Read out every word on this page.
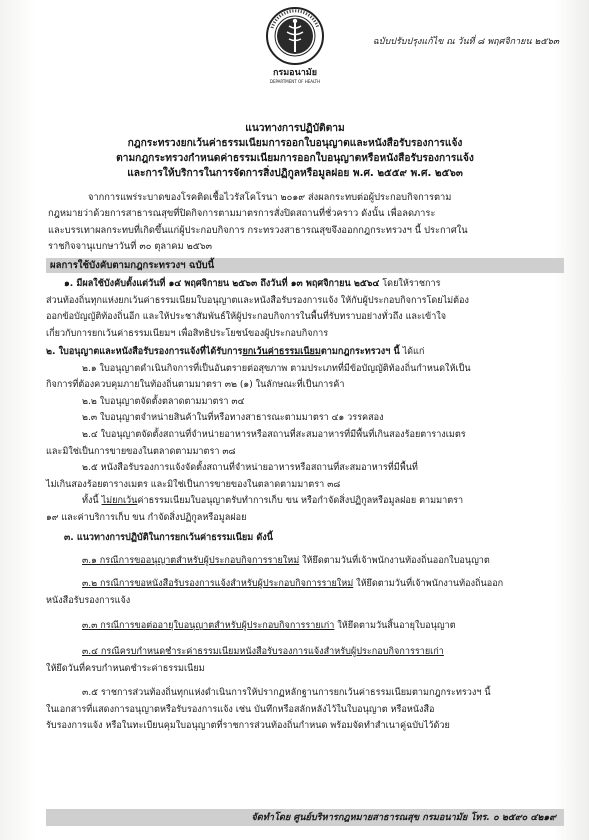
ฉบับปรับปรุงแก้ไข ณ วันที่ ๘ พฤศจิกายน ๒๕๖๓
กรมอนามัย
DEPARTMENT OF HEALTH
แนวทางการปฏิบัติตาม
กฎกระทรวงยกเว้นค่าธรรมเนียมการออกใบอนุญาตและหนังสือรับรองการแจ้ง
ตามกฎกระทรวงกำหนดค่าธรรมเนียมการออกใบอนุญาตหรือหนังสือรับรองการแจ้ง
และการให้บริการในการจัดการสิ่งปฏิกูลหรือมูลฝอย พ.ศ. ๒๕๕๙ พ.ศ. ๒๕๖๓

จากการแพร่ระบาดของโรคติดเชื้อไวรัสโคโรนา ๒๐๑๙ ส่งผลกระทบต่อผู้ประกอบกิจการตาม

กฎหมายว่าด้วยการสาธารณสุขที่ปิดกิจการตามมาตรการสั่งปิดสถานที่ชั่วคราว ดังนั้น เพื่อลดภาระ

และบรรเทาผลกระทบที่เกิดขึ้นแก่ผู้ประกอบกิจการ กระทรวงสาธารณสุขจึงออกกฎกระทรวงฯ นี้ ประกาศใน

ราชกิจจานุเบกษาวันที่ ๓๐ ตุลาคม ๒๕๖๓

ผลการใช้บังคับตามกฎกระทรวงฯ ฉบับนี้

๑. มีผลใช้บังคับตั้งแต่วันที่ ๑๔ พฤศจิกายน ๒๕๖๓ ถึงวันที่ ๑๓ พฤศจิกายน ๒๕๖๔ โดยให้ราชการ

ส่วนท้องถิ่นทุกแห่งยกเว้นค่าธรรมเนียมใบอนุญาตและหนังสือรับรองการแจ้ง ให้กับผู้ประกอบกิจการโดยไม่ต้อง

ออกข้อบัญญัติท้องถิ่นอีก และให้ประชาสัมพันธ์ให้ผู้ประกอบกิจการในพื้นที่รับทราบอย่างทั่วถึง และเข้าใจ

เกี่ยวกับการยกเว้นค่าธรรมเนียมฯ เพื่อสิทธิประโยชน์ของผู้ประกอบกิจการ

๒. ใบอนุญาตและหนังสือรับรองการแจ้งที่ได้รับการยกเว้นค่าธรรมเนียมตามกฎกระทรวงฯ นี้ ได้แก่

๒.๑ ใบอนุญาตดำเนินกิจการที่เป็นอันตรายต่อสุขภาพ ตามประเภทที่มีข้อบัญญัติท้องถิ่นกำหนดให้เป็น

กิจการที่ต้องควบคุมภายในท้องถิ่นตามมาตรา ๓๒ (๑) ในลักษณะที่เป็นการค้า

๒.๒ ใบอนุญาตจัดตั้งตลาดตามมาตรา ๓๔

๒.๓ ใบอนุญาตจำหน่ายสินค้าในที่หรือทางสาธารณะตามมาตรา ๔๑ วรรคสอง

๒.๔ ใบอนุญาตจัดตั้งสถานที่จำหน่ายอาหารหรือสถานที่สะสมอาหารที่มีพื้นที่เกินสองร้อยตารางเมตร

และมิใช่เป็นการขายของในตลาดตามมาตรา ๓๘

๒.๕ หนังสือรับรองการแจ้งจัดตั้งสถานที่จำหน่ายอาหารหรือสถานที่สะสมอาหารที่มีพื้นที่

ไม่เกินสองร้อยตารางเมตร และมิใช่เป็นการขายของในตลาดตามมาตรา ๓๘

ทั้งนี้ ไม่ยกเว้นค่าธรรมเนียมใบอนุญาตรับทำการเก็บ ขน หรือกำจัดสิ่งปฏิกูลหรือมูลฝอย ตามมาตรา

๑๙ และค่าบริการเก็บ ขน กำจัดสิ่งปฏิกูลหรือมูลฝอย

๓. แนวทางการปฏิบัติในการยกเว้นค่าธรรมเนียม ดังนี้

๓.๑ กรณีการขออนุญาตสำหรับผู้ประกอบกิจการรายใหม่ ให้ยึดตามวันที่เจ้าพนักงานท้องถิ่นออกใบอนุญาต

๓.๒ กรณีการขอหนังสือรับรองการแจ้งสำหรับผู้ประกอบกิจการรายใหม่ ให้ยึดตามวันที่เจ้าพนักงานท้องถิ่นออก

หนังสือรับรองการแจ้ง

๓.๓ กรณีการขอต่ออายุใบอนุญาตสำหรับผู้ประกอบกิจการรายเก่า ให้ยึดตามวันสิ้นอายุใบอนุญาต

๓.๔ กรณีครบกำหนดชำระค่าธรรมเนียมหนังสือรับรองการแจ้งสำหรับผู้ประกอบกิจการรายเก่า

ให้ยึดวันที่ครบกำหนดชำระค่าธรรมเนียม

๓.๕ ราชการส่วนท้องถิ่นทุกแห่งดำเนินการให้ปรากฏหลักฐานการยกเว้นค่าธรรมเนียมตามกฎกระทรวงฯ นี้

ในเอกสารที่แสดงการอนุญาตหรือรับรองการแจ้ง เช่น บันทึกหรือสลักหลังไว้ในใบอนุญาต หรือหนังสือ

รับรองการแจ้ง หรือในทะเบียนคุมใบอนุญาตที่ราชการส่วนท้องถิ่นกำหนด พร้อมจัดทำสำเนาคู่ฉบับไว้ด้วย

จัดทำโดย ศูนย์บริหารกฎหมายสาธารณสุข กรมอนามัย โทร. ๐ ๒๕๙๐ ๔๒๑๙
